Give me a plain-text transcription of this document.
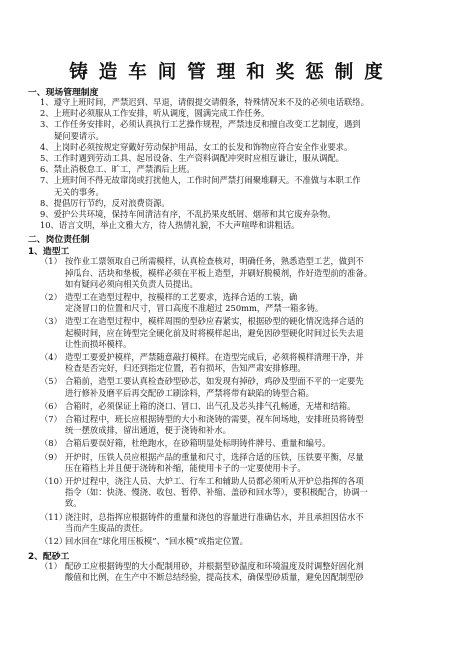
铸造车间管理和奖惩制度
一、现场管理制度
1、遵守上班时间，严禁迟到、早退，请假提交请假条，特殊情况来不及的必须电话联络。
2、上班时必须服从工作安排，听从调度，圆满完成工作任务。
3、工作任务安排时，必须认真执行工艺操作规程，严禁违反和擅自改变工艺制度，遇到
疑问要请示。
4、上岗时必须按规定穿戴好劳动保护用品，女工的长发和饰物应符合安全作业要求。
5、工作时遇到劳动工具、起吊设备、生产资料调配冲突时应相互谦让，服从调配。
6、禁止消极怠工、旷工，严禁酒后上班。
7、上班时间不得无故窜岗或打扰他人，工作时间严禁打闹聚堆聊天。不准做与本职工作
无关的事务。
8、提倡厉行节约，反对浪费资源。
9、爱护公共环境，保持车间清洁有序，不乱扔果皮纸屑、烟蒂和其它废弃杂物。
10、语言文明，举止文雅大方，待人热情礼貌，不大声喧哗和讲粗话。
二、岗位责任制
1、造型工
（1） 按作业工票领取自己所需模样，认真检查核对，明确任务，熟悉造型工艺，做到不
掉瓜台、活块和垫板，模样必须在平板上造型，并刷好脱模剂，作好造型前的准备。
如有疑问必须向相关负责人员提出。
（2） 造型工在造型过程中，按模样的工艺要求，选择合适的工装，确
定浇冒口的位置和尺寸，冒口高度不准超过 250mm，严禁一箱多铸。
（3） 造型工在造型过程中，模样周围的型砂应舂紧实，根据砂型的硬化情况选择合适的
起模时间，应在铸型完全硬化前及时将模样起出，避免因砂型硬化时间过长失去退
让性而损坏模样。
（4） 造型工要爱护模样，严禁随意敲打模样。在造型完成后，必须将模样清理干净，并
检查是否完好，归还到指定位置，若有损坏，告知严肃安排修理。
（5） 合箱前，造型工要认真检查砂型砂芯，如发现有掉砂，鸡砂及型面不平的一定要先
进行修补及磨平后再交配砂工刷涂料，严禁将带有缺陷的铸型合箱。
（6） 合箱时，必须保证上箱的浇口、冒口、出气孔及芯头排气孔畅通，无堵和结箱。
（7） 合箱过程中，班长应根据铸型的大小和浇铸的需要，视车间场地，安排班员将铸型
统一摆放成排，留出通道，便于浇铸和补水。
（8） 合箱后要误好箱，杜绝跑水，在砂箱明显处标明铸件牌号、重量和编号。
（9） 开炉时，压铁人员应根据产品的重量和尺寸，选择合适的压铁，压铁要平衡，尽量
压在箱档上并且便于浇铸和补缩，能使用卡子的一定要使用卡子。
（10）
开炉过程中，浇注人员、大炉工、行车工和辅助人员都必须听从开炉总指挥的各项
指令（如：快浇、慢浇、收包、暂停、补缩、盖砂和回水等），要积极配合，协调一
致。
（11）
浇注时，总指挥应根据铸件的重量和浇包的容量进行准确估水，并且承担因估水不
当而产生废品的责任。
（12）
回水回在“球化用压板模”、“回水模”或指定位置。
2、配砂工
（1） 配砂工应根据铸型的大小配制用砂，并根据型砂温度和环境温度及时调整好固化剂
酸值和比例，在生产中不断总结经验，提高技术，确保型砂质量，避免因配制型砂
